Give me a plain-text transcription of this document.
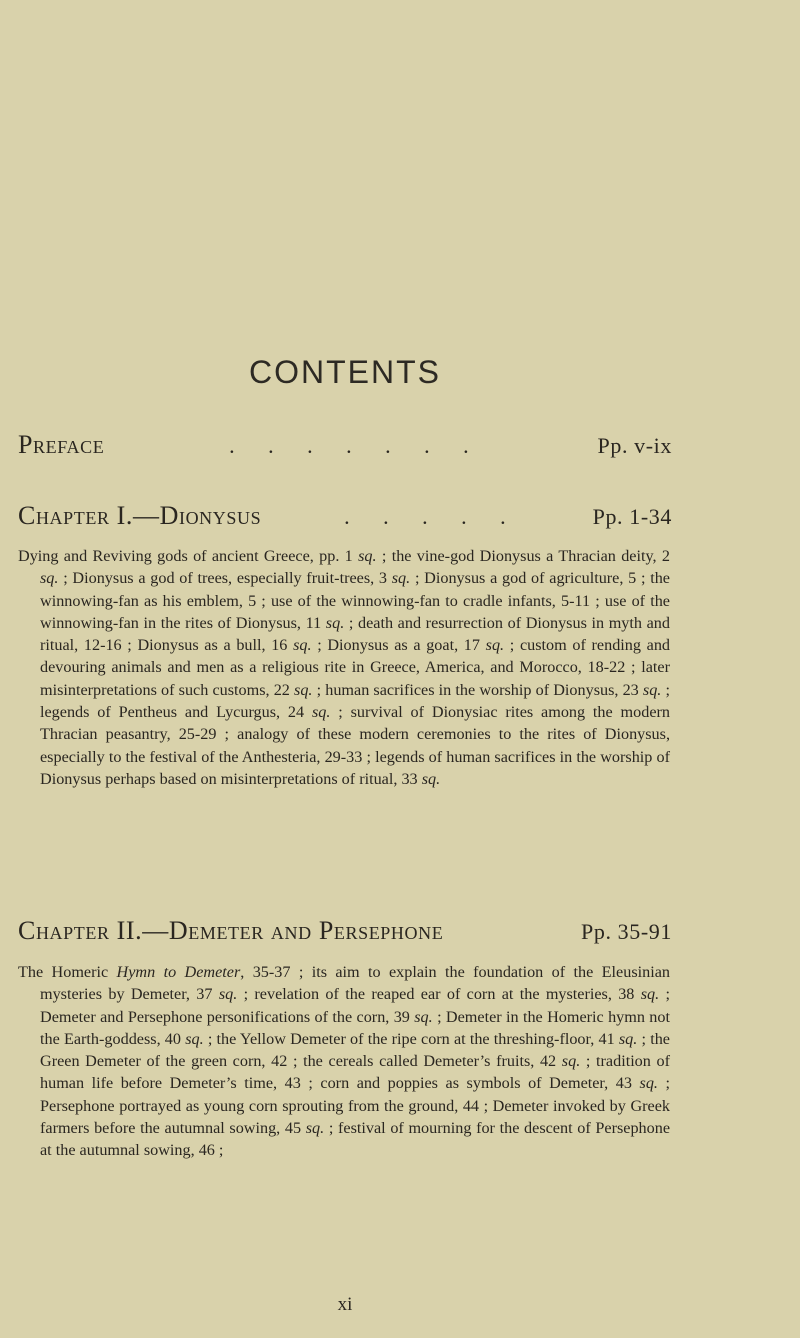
CONTENTS
Preface	. . . . . . .	Pp. v-ix
Chapter I.—Dionysus	. . . . .	Pp. 1-34

Dying and Reviving gods of ancient Greece, pp. 1 sq. ; the vine-god Dionysus a Thracian deity, 2 sq. ; Dionysus a god of trees, especially fruit-trees, 3 sq. ; Dionysus a god of agriculture, 5 ; the winnowing-fan as his emblem, 5 ; use of the winnowing-fan to cradle infants, 5-11 ; use of the winnowing-fan in the rites of Dionysus, 11 sq. ; death and resurrection of Dionysus in myth and ritual, 12-16 ; Dionysus as a bull, 16 sq. ; Dionysus as a goat, 17 sq. ; custom of rending and devouring animals and men as a religious rite in Greece, America, and Morocco, 18-22 ; later misinterpretations of such customs, 22 sq. ; human sacrifices in the worship of Dionysus, 23 sq. ; legends of Pentheus and Lycurgus, 24 sq. ; survival of Dionysiac rites among the modern Thracian peasantry, 25-29 ; analogy of these modern ceremonies to the rites of Dionysus, especially to the festival of the Anthesteria, 29-33 ; legends of human sacrifices in the worship of Dionysus perhaps based on misinterpretations of ritual, 33 sq.

Chapter II.—Demeter and Persephone	Pp. 35-91

The Homeric Hymn to Demeter, 35-37 ; its aim to explain the foundation of the Eleusinian mysteries by Demeter, 37 sq. ; revelation of the reaped ear of corn at the mysteries, 38 sq. ; Demeter and Persephone personifications of the corn, 39 sq. ; Demeter in the Homeric hymn not the Earth-goddess, 40 sq. ; the Yellow Demeter of the ripe corn at the threshing-floor, 41 sq. ; the Green Demeter of the green corn, 42 ; the cereals called Demeter’s fruits, 42 sq. ; tradition of human life before Demeter’s time, 43 ; corn and poppies as symbols of Demeter, 43 sq. ; Persephone portrayed as young corn sprouting from the ground, 44 ; Demeter invoked by Greek farmers before the autumnal sowing, 45 sq. ; festival of mourning for the descent of Persephone at the autumnal sowing, 46 ;

xi
